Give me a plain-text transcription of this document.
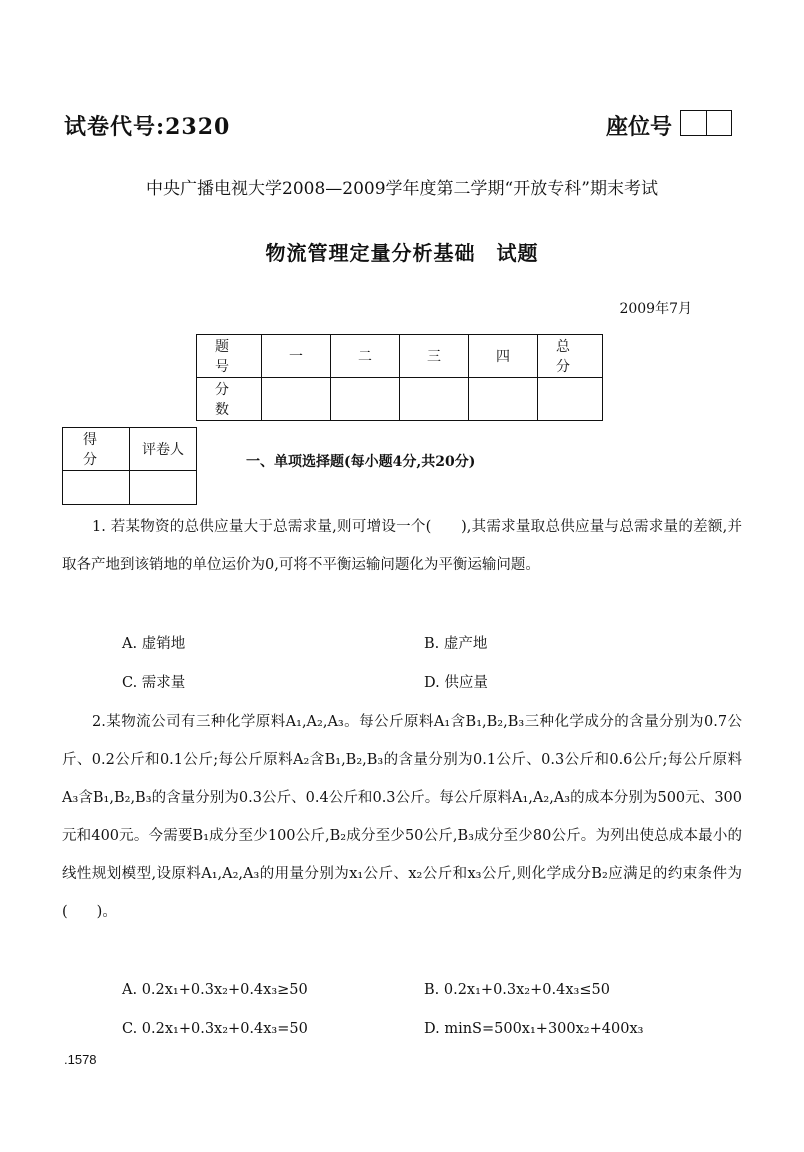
试卷代号:2320	座位号
中央广播电视大学2008—2009学年度第二学期“开放专科”期末考试
物流管理定量分析基础　试题
2009年7月
题　号	一	二	三	四	总　分
分　数					
得　分	评卷人

一、单项选择题(每小题4分,共20分)
1. 若某物资的总供应量大于总需求量,则可增设一个(　　),其需求量取总供应量与总需求量的差额,并取各产地到该销地的单位运价为0,可将不平衡运输问题化为平衡运输问题。
A. 虚销地	B. 虚产地
C. 需求量	D. 供应量
2.某物流公司有三种化学原料A₁,A₂,A₃。每公斤原料A₁含B₁,B₂,B₃三种化学成分的含量分别为0.7公斤、0.2公斤和0.1公斤;每公斤原料A₂含B₁,B₂,B₃的含量分别为0.1公斤、0.3公斤和0.6公斤;每公斤原料A₃含B₁,B₂,B₃的含量分别为0.3公斤、0.4公斤和0.3公斤。每公斤原料A₁,A₂,A₃的成本分别为500元、300元和400元。今需要B₁成分至少100公斤,B₂成分至少50公斤,B₃成分至少80公斤。为列出使总成本最小的线性规划模型,设原料A₁,A₂,A₃的用量分别为x₁公斤、x₂公斤和x₃公斤,则化学成分B₂应满足的约束条件为(　　)。
A. 0.2x₁+0.3x₂+0.4x₃≥50	B. 0.2x₁+0.3x₂+0.4x₃≤50
C. 0.2x₁+0.3x₂+0.4x₃=50	D. minS=500x₁+300x₂+400x₃
.1578
